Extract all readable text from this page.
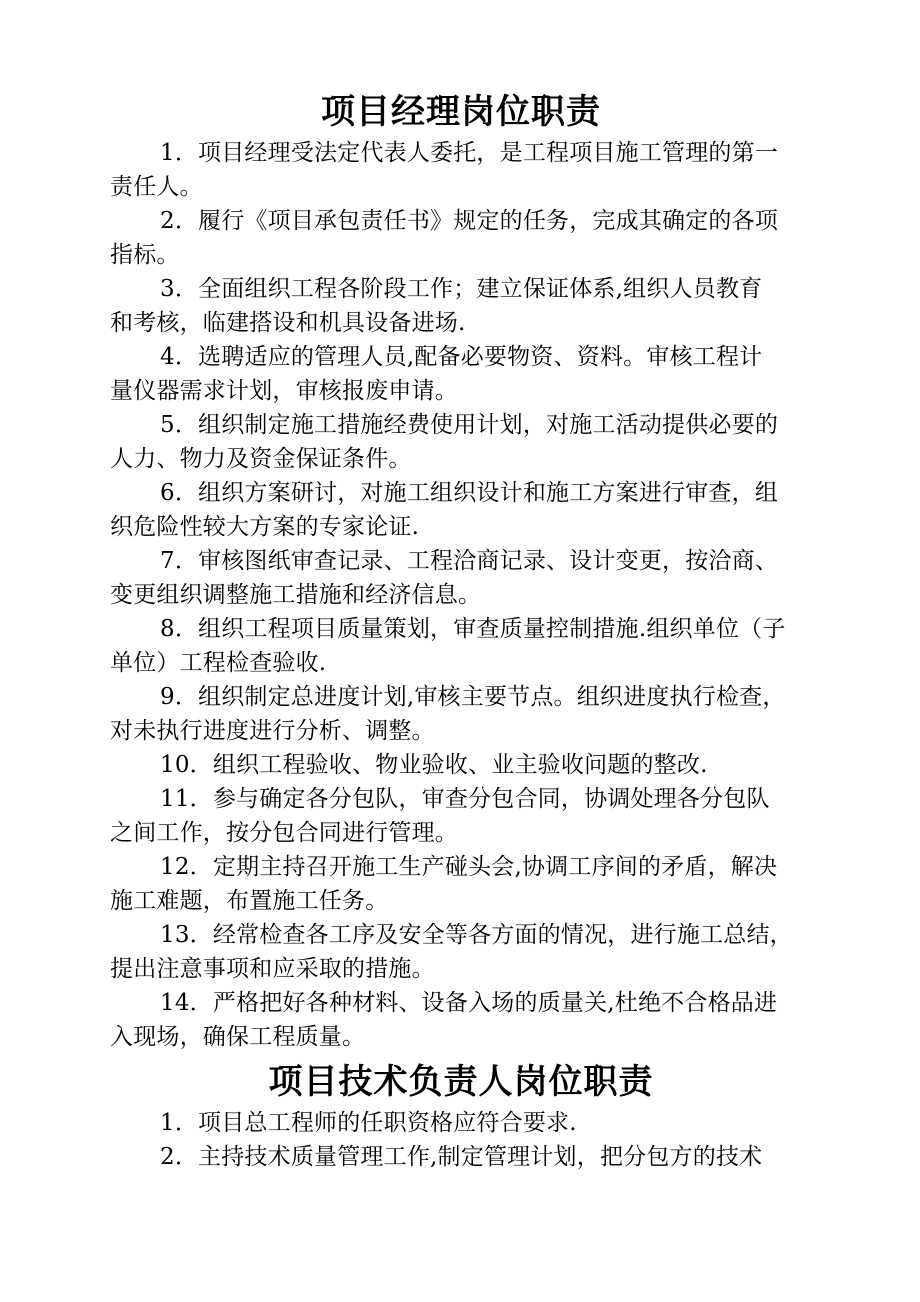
项目经理岗位职责

1．项目经理受法定代表人委托，是工程项目施工管理的第一
责任人。

2．履行《项目承包责任书》规定的任务，完成其确定的各项
指标。

3．全面组织工程各阶段工作；建立保证体系,组织人员教育
和考核，临建搭设和机具设备进场.

4．选聘适应的管理人员,配备必要物资、资料。审核工程计
量仪器需求计划，审核报废申请。

5．组织制定施工措施经费使用计划，对施工活动提供必要的
人力、物力及资金保证条件。

6．组织方案研讨，对施工组织设计和施工方案进行审查，组
织危险性较大方案的专家论证.

7．审核图纸审查记录、工程洽商记录、设计变更，按洽商、
变更组织调整施工措施和经济信息。

8．组织工程项目质量策划，审查质量控制措施.组织单位（子
单位）工程检查验收.

9．组织制定总进度计划,审核主要节点。组织进度执行检查，
对未执行进度进行分析、调整。

10．组织工程验收、物业验收、业主验收问题的整改.

11．参与确定各分包队，审查分包合同，协调处理各分包队
之间工作，按分包合同进行管理。

12．定期主持召开施工生产碰头会,协调工序间的矛盾，解决
施工难题，布置施工任务。

13．经常检查各工序及安全等各方面的情况，进行施工总结，
提出注意事项和应采取的措施。

14．严格把好各种材料、设备入场的质量关,杜绝不合格品进
入现场，确保工程质量。

项目技术负责人岗位职责

1．项目总工程师的任职资格应符合要求.

2．主持技术质量管理工作,制定管理计划，把分包方的技术
